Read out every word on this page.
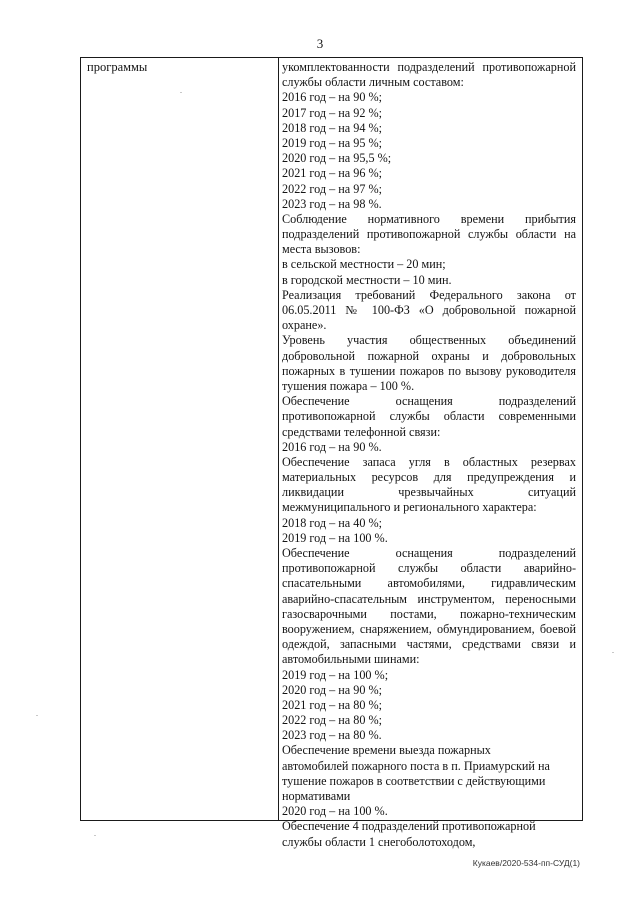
3
программы	укомплектованности подразделений противопожарной
службы области личным составом:
2016 год – на 90 %;
2017 год – на 92 %;
2018 год – на 94 %;
2019 год – на 95 %;
2020 год – на 95,5 %;
2021 год – на 96 %;
2022 год – на 97 %;
2023 год – на 98 %.
Соблюдение нормативного времени прибытия
подразделений противопожарной службы области на
места вызовов:
в сельской местности – 20 мин;
в городской местности – 10 мин.
Реализация требований Федерального закона от
06.05.2011 № 100-ФЗ «О добровольной пожарной
охране».
Уровень участия общественных объединений
добровольной пожарной охраны и добровольных
пожарных в тушении пожаров по вызову руководителя
тушения пожара – 100 %.
Обеспечение оснащения подразделений
противопожарной службы области современными
средствами телефонной связи:
2016 год – на 90 %.
Обеспечение запаса угля в областных резервах
материальных ресурсов для предупреждения и
ликвидации чрезвычайных ситуаций
межмуниципального и регионального характера:
2018 год – на 40 %;
2019 год – на 100 %.
Обеспечение оснащения подразделений
противопожарной службы области аварийно-
спасательными автомобилями, гидравлическим
аварийно-спасательным инструментом, переносными
газосварочными постами, пожарно-техническим
вооружением, снаряжением, обмундированием, боевой
одеждой, запасными частями, средствами связи и
автомобильными шинами:
2019 год – на 100 %;
2020 год – на 90 %;
2021 год – на 80 %;
2022 год – на 80 %;
2023 год – на 80 %.
Обеспечение времени выезда пожарных
автомобилей пожарного поста в п. Приамурский на
тушение пожаров в соответствии с действующими
нормативами
2020 год – на 100 %.
Обеспечение 4 подразделений противопожарной
службы области 1 снегоболотоходом,
Кукаев/2020-534-пп-СУД(1)
